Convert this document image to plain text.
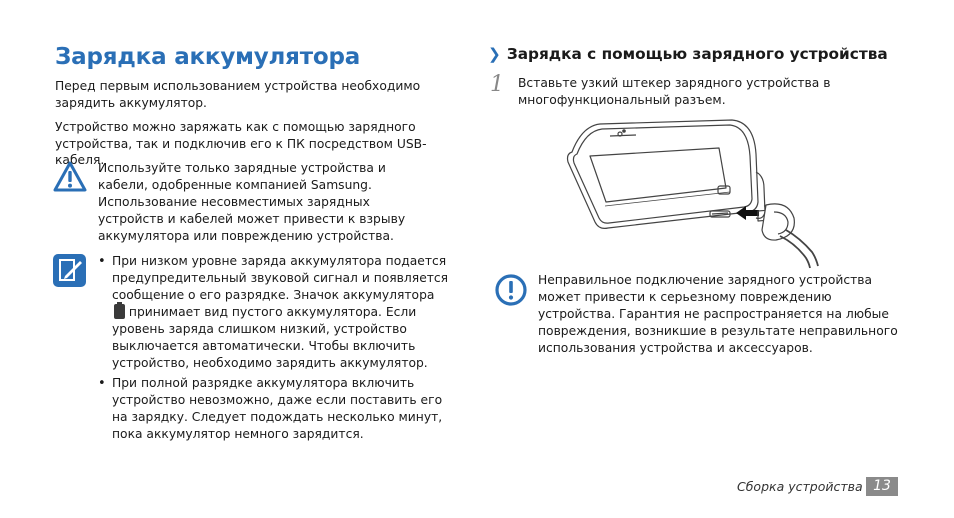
Зарядка аккумулятора

Перед первым использованием устройства необходимо зарядить аккумулятор.

Устройство можно заряжать как с помощью зарядного устройства, так и подключив его к ПК посредством USB-кабеля.

Используйте только зарядные устройства и кабели, одобренные компанией Samsung. Использование несовместимых зарядных устройств и кабелей может привести к взрыву аккумулятора или повреждению устройства.

• При низком уровне заряда аккумулятора подается предупредительный звуковой сигнал и появляется сообщение о его разрядке. Значок аккумулятора  принимает вид пустого аккумулятора. Если уровень заряда слишком низкий, устройство выключается автоматически. Чтобы включить устройство, необходимо зарядить аккумулятор.
• При полной разрядке аккумулятора включить устройство невозможно, даже если поставить его на зарядку. Следует подождать несколько минут, пока аккумулятор немного зарядится.
❯ Зарядка с помощью зарядного устройства
1 Вставьте узкий штекер зарядного устройства в многофункциональный разъем.

Неправильное подключение зарядного устройства может привести к серьезному повреждению устройства. Гарантия не распространяется на любые повреждения, возникшие в результате неправильного использования устройства и аксессуаров.

Сборка устройства 13
